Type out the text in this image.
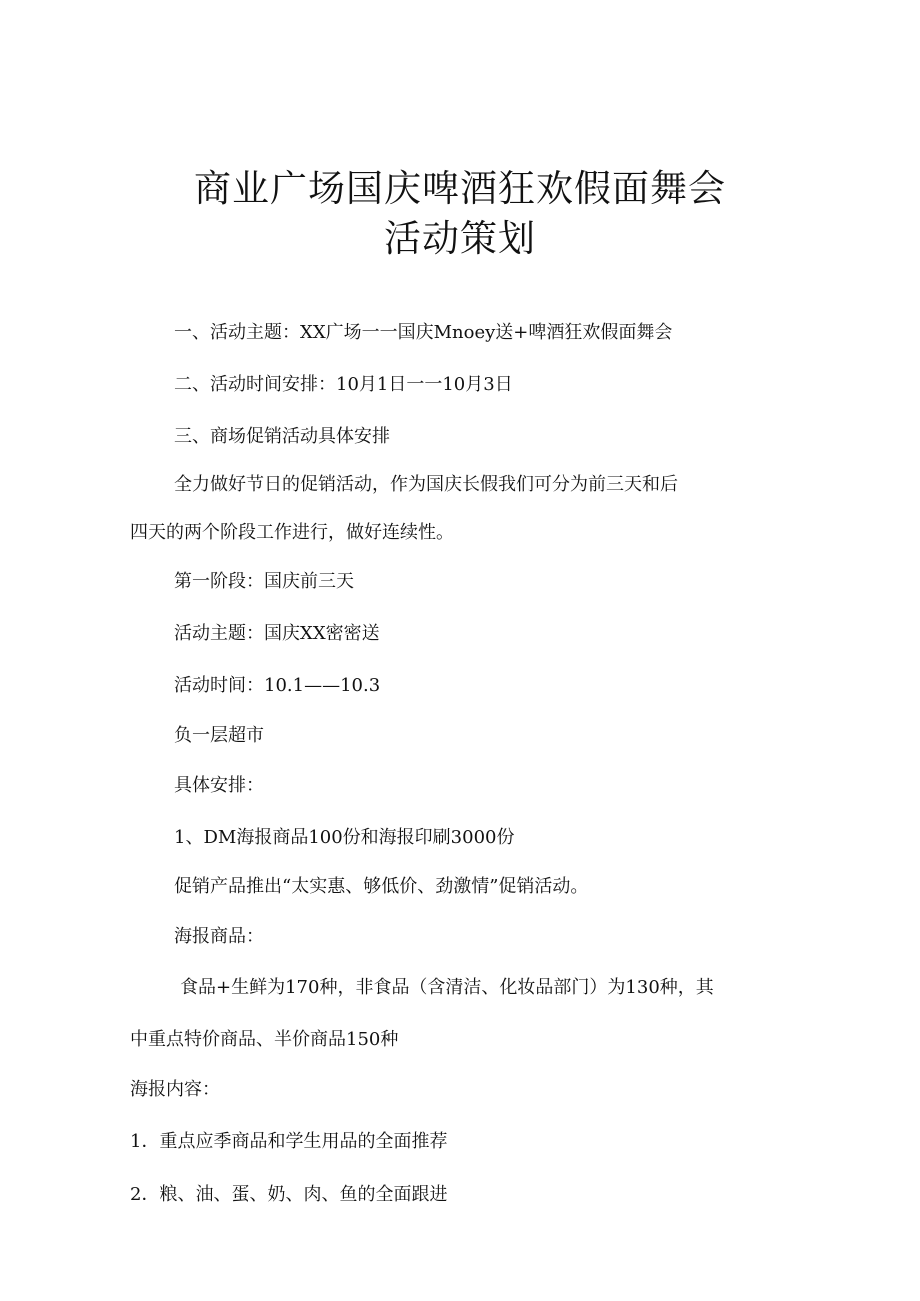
商业广场国庆啤酒狂欢假面舞会
活动策划
一、活动主题：XX广场一一国庆Mnoey送+啤酒狂欢假面舞会
二、活动时间安排：10月1日一一10月3日
三、商场促销活动具体安排
全力做好节日的促销活动，作为国庆长假我们可分为前三天和后
四天的两个阶段工作进行，做好连续性。
第一阶段：国庆前三天
活动主题：国庆XX密密送
活动时间：10.1——10.3
负一层超市
具体安排：
1、DM海报商品100份和海报印刷3000份
促销产品推出“太实惠、够低价、劲激情”促销活动。
海报商品：
食品+生鲜为170种，非食品（含清洁、化妆品部门）为130种，其
中重点特价商品、半价商品150种
海报内容：
1．重点应季商品和学生用品的全面推荐
2．粮、油、蛋、奶、肉、鱼的全面跟进
